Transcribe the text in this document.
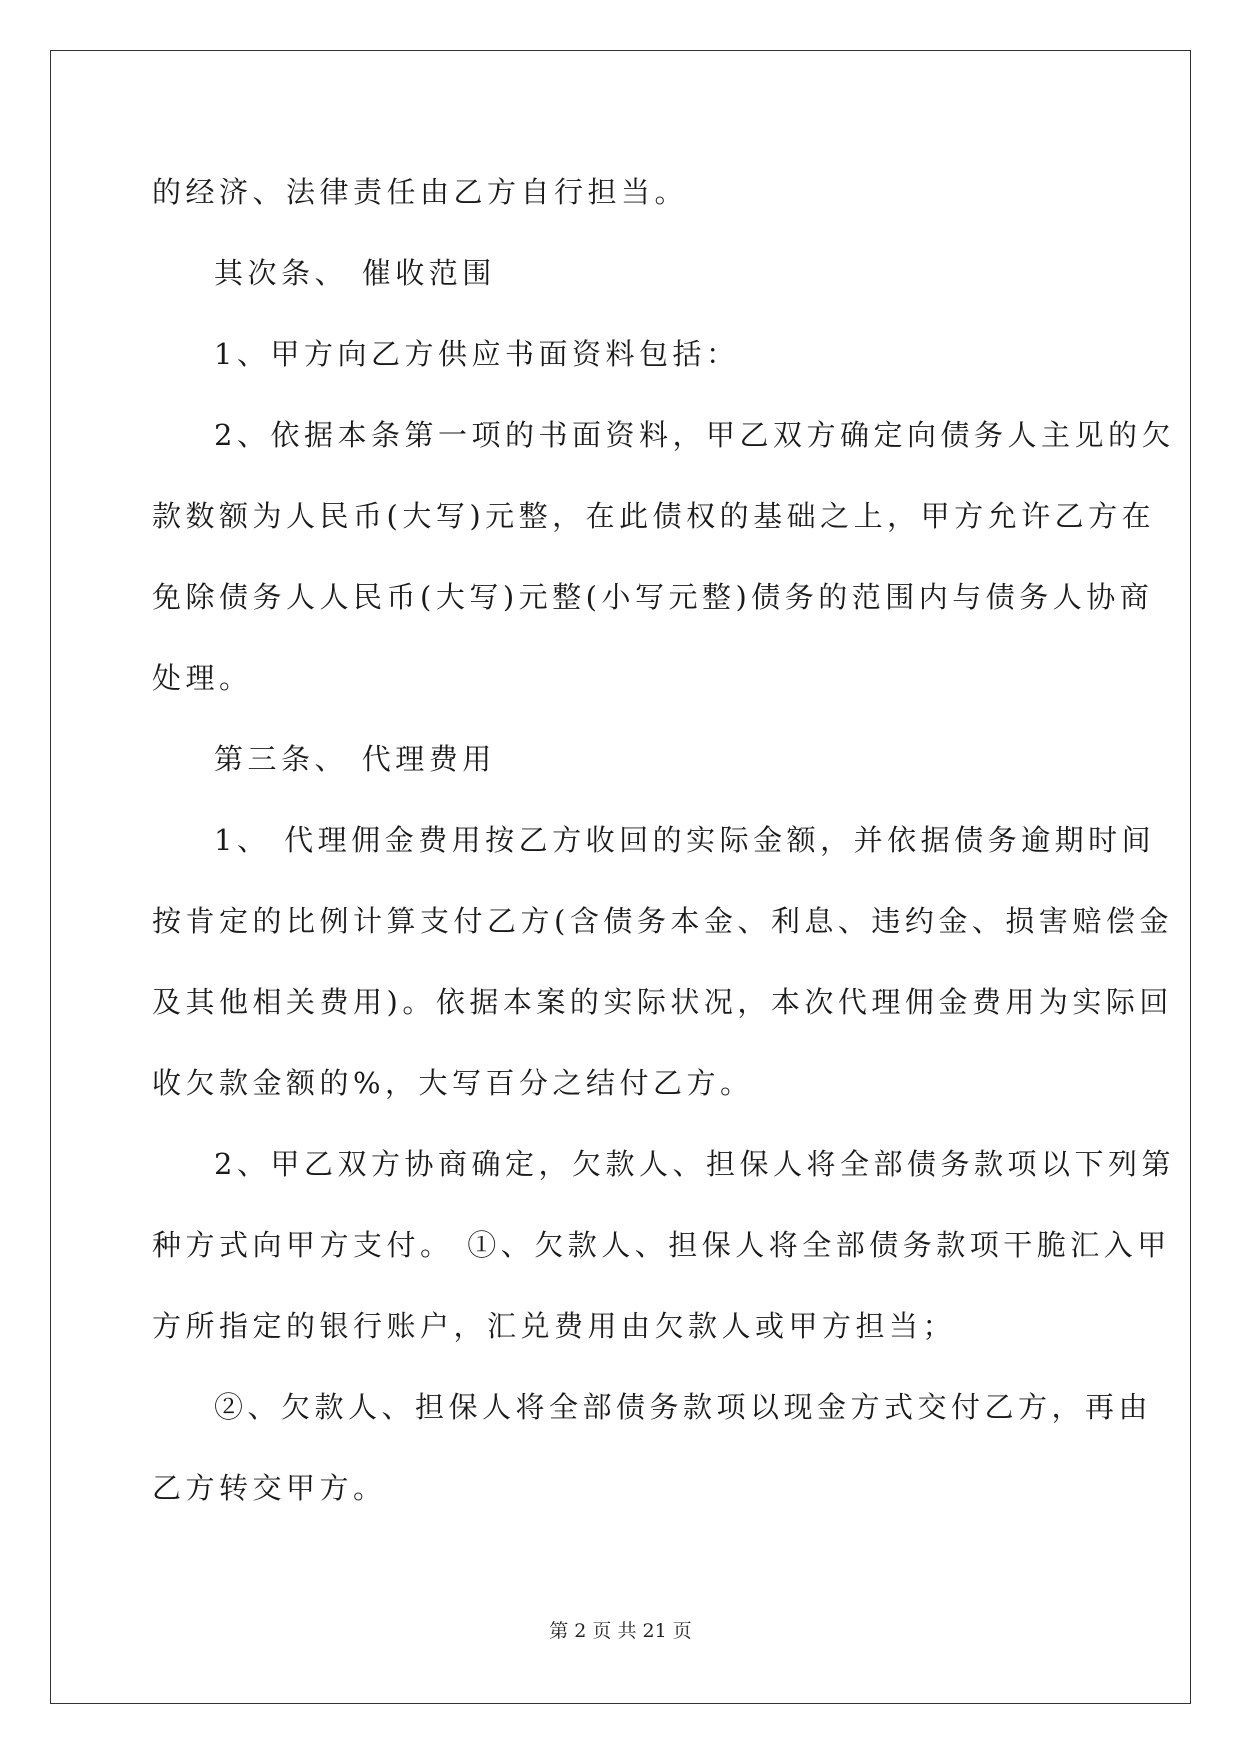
的经济、法律责任由乙方自行担当。

其次条、 催收范围

1、甲方向乙方供应书面资料包括：

2、依据本条第一项的书面资料，甲乙双方确定向债务人主见的欠

款数额为人民币(大写)元整，在此债权的基础之上，甲方允许乙方在

免除债务人人民币(大写)元整(小写元整)债务的范围内与债务人协商

处理。

第三条、 代理费用

1、 代理佣金费用按乙方收回的实际金额，并依据债务逾期时间

按肯定的比例计算支付乙方(含债务本金、利息、违约金、损害赔偿金

及其他相关费用)。依据本案的实际状况，本次代理佣金费用为实际回

收欠款金额的%，大写百分之结付乙方。

2、甲乙双方协商确定，欠款人、担保人将全部债务款项以下列第

种方式向甲方支付。 ①、欠款人、担保人将全部债务款项干脆汇入甲

方所指定的银行账户，汇兑费用由欠款人或甲方担当；

②、欠款人、担保人将全部债务款项以现金方式交付乙方，再由

乙方转交甲方。

第 2 页 共 21 页
